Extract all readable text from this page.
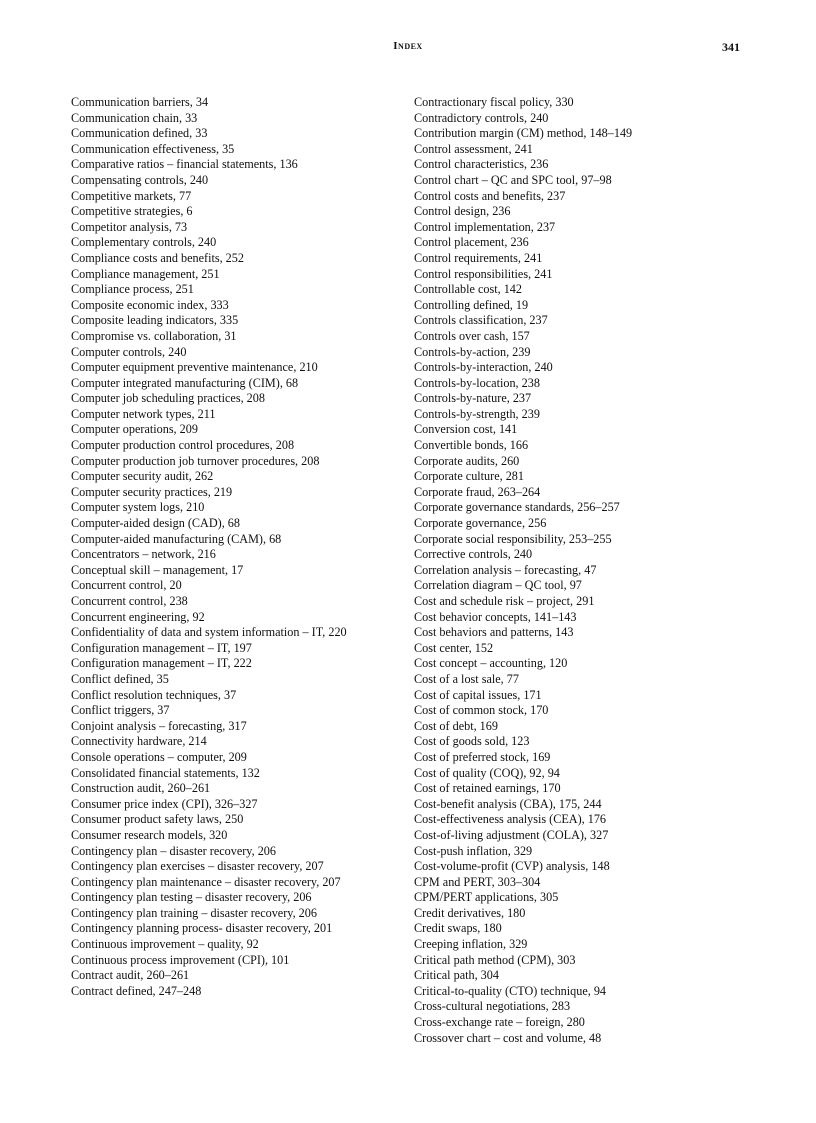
Index	341

Communication barriers, 34

Communication chain, 33

Communication defined, 33

Communication effectiveness, 35

Comparative ratios – financial statements, 136

Compensating controls, 240

Competitive markets, 77

Competitive strategies, 6

Competitor analysis, 73

Complementary controls, 240

Compliance costs and benefits, 252

Compliance management, 251

Compliance process, 251

Composite economic index, 333

Composite leading indicators, 335

Compromise vs. collaboration, 31

Computer controls, 240

Computer equipment preventive maintenance, 210

Computer integrated manufacturing (CIM), 68

Computer job scheduling practices, 208

Computer network types, 211

Computer operations, 209

Computer production control procedures, 208

Computer production job turnover procedures, 208

Computer security audit, 262

Computer security practices, 219

Computer system logs, 210

Computer-aided design (CAD), 68

Computer-aided manufacturing (CAM), 68

Concentrators – network, 216

Conceptual skill – management, 17

Concurrent control, 20

Concurrent control, 238

Concurrent engineering, 92

Confidentiality of data and system information – IT, 220

Configuration management – IT, 197

Configuration management – IT, 222

Conflict defined, 35

Conflict resolution techniques, 37

Conflict triggers, 37

Conjoint analysis – forecasting, 317

Connectivity hardware, 214

Console operations – computer, 209

Consolidated financial statements, 132

Construction audit, 260–261

Consumer price index (CPI), 326–327

Consumer product safety laws, 250

Consumer research models, 320

Contingency plan – disaster recovery, 206

Contingency plan exercises – disaster recovery, 207

Contingency plan maintenance – disaster recovery, 207

Contingency plan testing – disaster recovery, 206

Contingency plan training – disaster recovery, 206

Contingency planning process- disaster recovery, 201

Continuous improvement – quality, 92

Continuous process improvement (CPI), 101

Contract audit, 260–261

Contract defined, 247–248

Contractionary fiscal policy, 330

Contradictory controls, 240

Contribution margin (CM) method, 148–149

Control assessment, 241

Control characteristics, 236

Control chart – QC and SPC tool, 97–98

Control costs and benefits, 237

Control design, 236

Control implementation, 237

Control placement, 236

Control requirements, 241

Control responsibilities, 241

Controllable cost, 142

Controlling defined, 19

Controls classification, 237

Controls over cash, 157

Controls-by-action, 239

Controls-by-interaction, 240

Controls-by-location, 238

Controls-by-nature, 237

Controls-by-strength, 239

Conversion cost, 141

Convertible bonds, 166

Corporate audits, 260

Corporate culture, 281

Corporate fraud, 263–264

Corporate governance standards, 256–257

Corporate governance, 256

Corporate social responsibility, 253–255

Corrective controls, 240

Correlation analysis – forecasting, 47

Correlation diagram – QC tool, 97

Cost and schedule risk – project, 291

Cost behavior concepts, 141–143

Cost behaviors and patterns, 143

Cost center, 152

Cost concept – accounting, 120

Cost of a lost sale, 77

Cost of capital issues, 171

Cost of common stock, 170

Cost of debt, 169

Cost of goods sold, 123

Cost of preferred stock, 169

Cost of quality (COQ), 92, 94

Cost of retained earnings, 170

Cost-benefit analysis (CBA), 175, 244

Cost-effectiveness analysis (CEA), 176

Cost-of-living adjustment (COLA), 327

Cost-push inflation, 329

Cost-volume-profit (CVP) analysis, 148

CPM and PERT, 303–304

CPM/PERT applications, 305

Credit derivatives, 180

Credit swaps, 180

Creeping inflation, 329

Critical path method (CPM), 303

Critical path, 304

Critical-to-quality (CTO) technique, 94

Cross-cultural negotiations, 283

Cross-exchange rate – foreign, 280

Crossover chart – cost and volume, 48
